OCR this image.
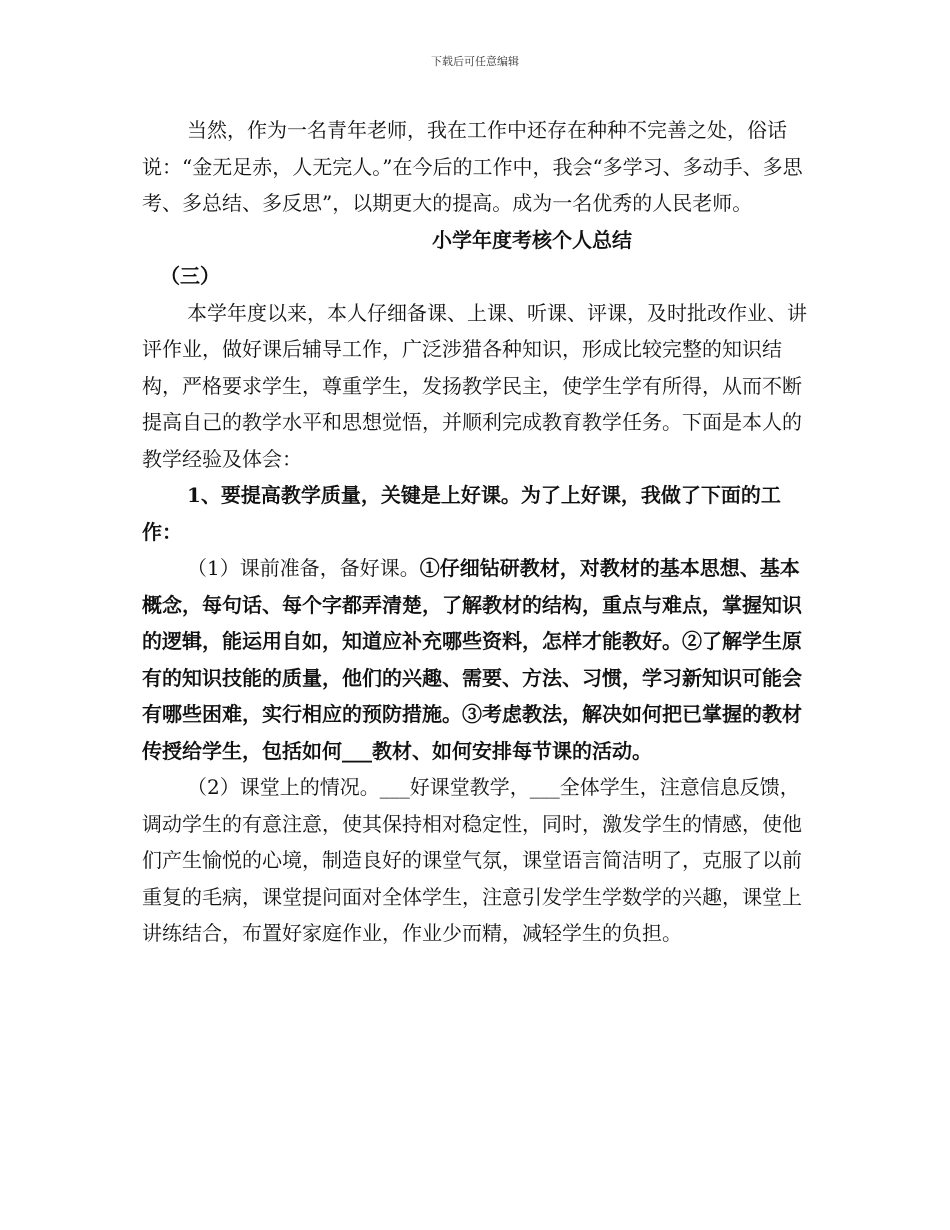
下载后可任意编辑

当然，作为一名青年老师，我在工作中还存在种种不完善之处，俗话说：“金无足赤，人无完人。”在今后的工作中，我会“多学习、多动手、多思考、多总结、多反思”，以期更大的提高。成为一名优秀的人民老师。

小学年度考核个人总结

（三）

本学年度以来，本人仔细备课、上课、听课、评课，及时批改作业、讲评作业，做好课后辅导工作，广泛涉猎各种知识，形成比较完整的知识结构，严格要求学生，尊重学生，发扬教学民主，使学生学有所得，从而不断提高自己的教学水平和思想觉悟，并顺利完成教育教学任务。下面是本人的教学经验及体会：

1、要提高教学质量，关键是上好课。为了上好课，我做了下面的工作：

（1）课前准备，备好课。①仔细钻研教材，对教材的基本思想、基本概念，每句话、每个字都弄清楚，了解教材的结构，重点与难点，掌握知识的逻辑，能运用自如，知道应补充哪些资料，怎样才能教好。②了解学生原有的知识技能的质量，他们的兴趣、需要、方法、习惯，学习新知识可能会有哪些困难，实行相应的预防措施。③考虑教法，解决如何把已掌握的教材传授给学生，包括如何___教材、如何安排每节课的活动。

（2）课堂上的情况。___好课堂教学，___全体学生，注意信息反馈，调动学生的有意注意，使其保持相对稳定性，同时，激发学生的情感，使他们产生愉悦的心境，制造良好的课堂气氛，课堂语言简洁明了，克服了以前重复的毛病，课堂提问面对全体学生，注意引发学生学数学的兴趣，课堂上讲练结合，布置好家庭作业，作业少而精，减轻学生的负担。
